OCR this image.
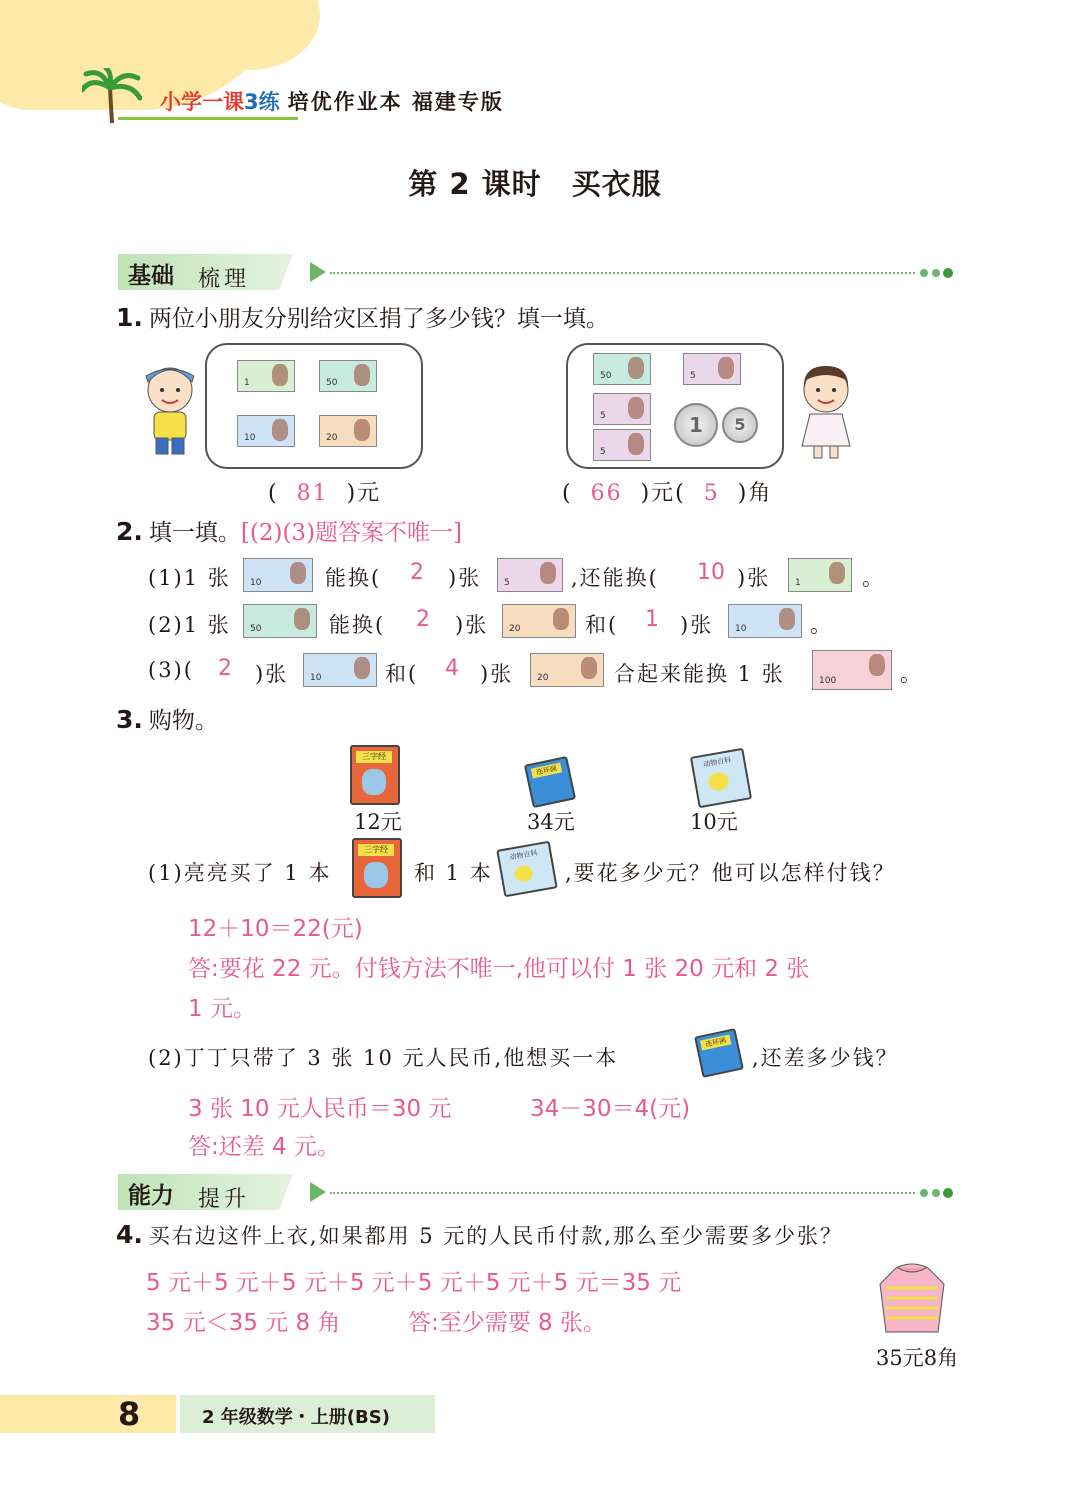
小学一课3练 培优作业本 福建专版
第 2 课时　买衣服
基础 梳理
1. 两位小朋友分别给灾区捐了多少钱？填一填。
1	50
10	20
50	5
5
5
1	5
( 81 )元	( 66 )元( 5 )角
2. 填一填。[(2)(3)题答案不唯一]
(1)1 张 10	能换( 2 )张	5	,还能换( 10 )张	1	。
(2)1 张 50	能换( 2 )张 20	和( 1 )张 10	。
(3)( 2 )张 10	和( 4 )张	20	合起来能换 1 张	100	。
3. 购物。
三字经
12元
连环画
34元
动物百科
10元
(1)亮亮买了 1 本
三字经
和 1 本
动物百科
,要花多少元？他可以怎样付钱？
12＋10＝22(元)
答:要花 22 元。付钱方法不唯一,他可以付 1 张 20 元和 2 张
1 元。
(2)丁丁只带了 3 张 10 元人民币,他想买一本
连环画
,还差多少钱？
3 张 10 元人民币＝30 元	34－30＝4(元)
答:还差 4 元。
能力 提升
4. 买右边这件上衣,如果都用 5 元的人民币付款,那么至少需要多少张？
5 元＋5 元＋5 元＋5 元＋5 元＋5 元＋5 元＝35 元
35 元＜35 元 8 角	答:至少需要 8 张。
35元8角
8	2 年级数学・上册(BS)
